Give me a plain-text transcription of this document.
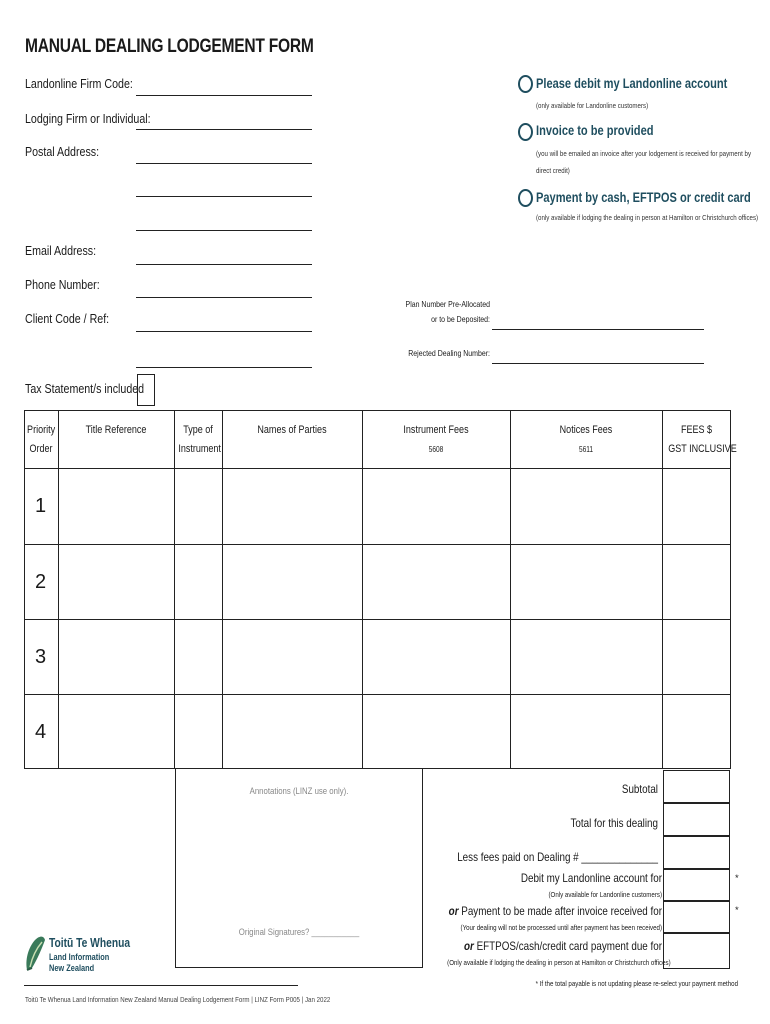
MANUAL DEALING LODGEMENT FORM
Landonline Firm Code:
Lodging Firm or Individual:
Postal Address:
Email Address:
Phone Number:
Client Code / Ref:
Please debit my Landonline account
(only available for Landonline customers)
Invoice to be provided
(you will be emailed an invoice after your lodgement is received for payment by
direct credit)
Payment by cash, EFTPOS or credit card
(only available if lodging the dealing in person at Hamilton or Christchurch offices)
Plan Number Pre-Allocated
or to be Deposited:
Rejected Dealing Number:
Tax Statement/s included
Priority
Order
Title Reference	Type of
Instrument
Names of Parties	Instrument Fees
5608
Notices Fees
5611
FEES $
GST INCLUSIVE
1
2
3
4
Annotations (LINZ use only).
Original Signatures? ___________
Subtotal
Total for this dealing
Less fees paid on Dealing # ______________
Debit my Landonline account for
(Only available for Landonline customers)
*
or Payment to be made after invoice received for
(Your dealing will not be processed until after payment has been received)
*
or EFTPOS/cash/credit card payment due for
(Only available if lodging the dealing in person at Hamilton or Christchurch offices)
* If the total payable is not updating please re-select your payment method
Toitū Te Whenua
Land Information
New Zealand
Toitū Te Whenua Land Information New Zealand Manual Dealing Lodgement Form | LINZ Form P005 | Jan 2022
